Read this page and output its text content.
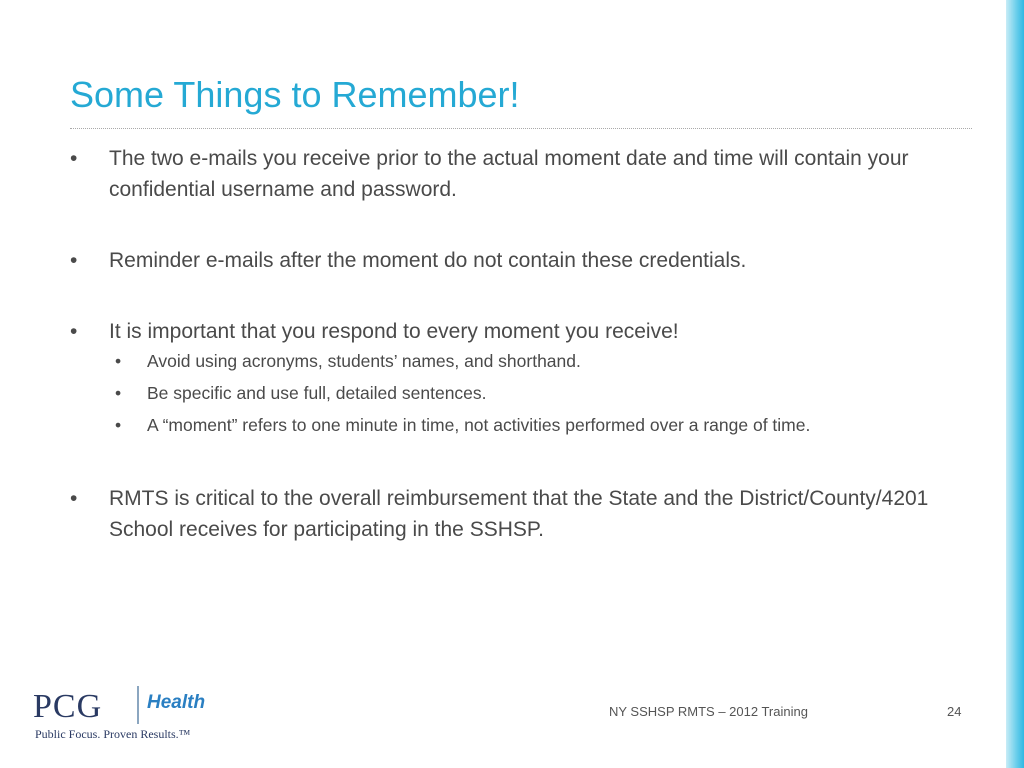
Some Things to Remember!
• The two e-mails you receive prior to the actual moment date and time will contain your confidential username and password.
• Reminder e-mails after the moment do not contain these credentials.
• It is important that you respond to every moment you receive!
• Avoid using acronyms, students’ names, and shorthand.
• Be specific and use full, detailed sentences.
• A “moment” refers to one minute in time, not activities performed over a range of time.
• RMTS is critical to the overall reimbursement that the State and the District/County/4201 School receives for participating in the SSHSP.
PCG Health
Public Focus. Proven Results.™
NY SSHSP RMTS – 2012 Training	24
